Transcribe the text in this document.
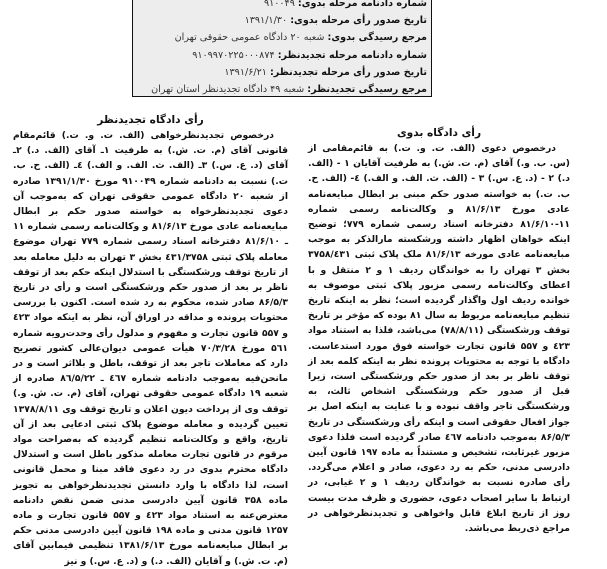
شماره دادنامه مرحله بدوی: ۹۱۰۰۴۹
تاریخ صدور رأی مرحله بدوی: ۱۳۹۱/۱/۳۰
مرجع رسیدگی بدوی: شعبه ۲۰ دادگاه عمومی حقوقی تهران
شماره دادنامه مرحله تجدیدنظر: ۹۱۰۹۹۷۰۲۲۵۰۰۰۸۷۴
تاریخ صدور رأی مرحله تجدیدنظر: ۱۳۹۱/۶/۲۱
مرجع رسیدگی تجدیدنظر: شعبه ۴۹ دادگاه تجدیدنظر استان تهران
رأی دادگاه بدوی

درخصوص دعوی (الف. ت. و. ت.) به قائم‌مقامی از (س. ب. و.) آقای (م. ت. ش.) به طرفیت آقایان ۱ - (الف. د.) ۲ - (د. ع. س.) ۳ - (الف. ث. الف. و الف.) ٤- (الف. ح. ب. ت.) به خواسته صدور حکم مبنی بر ابطال مبایعه‌نامه عادی مورخ ۸۱/۶/۱۳ و وکالت‌نامه رسمی شماره ۱۱-۸۱/۶/۱۰ دفترخانه اسناد رسمی شماره ۷۷۹؛ توضیح اینکه خواهان اظهار داشته ورشکسته مارالذکر به موجب مبایعه‌نامه عادی مورخه ۸۱/۶/۱۳ ملک پلاک ثبتی ۳۷۵۸/٤۳۱ بخش ۳ تهران را به خواندگان ردیف ۱ و ۲ منتقل و با اعطای وکالت‌نامه رسمی مزبور پلاک ثبتی موصوف به خوانده ردیف اول واگذار گردیده است؛ نظر به اینکه تاریخ تنظیم مبایعه‌نامه مربوط به سال ۸۱ بوده که مؤخر بر تاریخ توقف ورشکستگی (۷۸/۸/۱۱) می‌باشد، فلذا به استناد مواد ٤۲۳ و ۵۵۷ قانون تجارت خواسته فوق مورد استدعاست. دادگاه با توجه به محتویات پرونده نظر به اینکه کلمه بعد از توقف ناظر بر بعد از صدور حکم ورشکستگی است، زیرا قبل از صدور حکم ورشکستگی اشخاص ثالث، به ورشکستگی تاجر واقف نبوده و با عنایت به اینکه اصل بر جواز افعال حقوقی است و اینکه رأی ورشکستگی در تاریخ ۸۶/۵/۳ به‌موجب دادنامه ٤٦۷ صادر گردیده است فلذا دعوی مزبور غیرثابت، تشخیص و مستنداً به ماده ۱۹۷ قانون آیین دادرسی مدنی، حکم به رد دعوی، صادر و اعلام می‌گردد. رأی صادره نسبت به خواندگان ردیف ۱ و ۲ غیابی، در ارتباط با سایر اصحاب دعوی، حضوری و ظرف مدت بیست روز از تاریخ ابلاغ قابل واخواهی و تجدیدنظرخواهی در مراجع ذی‌ربط می‌باشد.

رأی دادگاه تجدیدنظر

درخصوص تجدیدنظرخواهی (الف. ت. و. ت.) قائم‌مقام قانونی آقای (م. ت. ش.) به طرفیت ۱ـ آقای (الف. د.) ۲ـ آقای (د. ع. س.) ۳ـ (الف. ث. الف. و الف.) ٤ـ (الف. ح. ب. ت.) نسبت به دادنامه شماره ۹۱۰۰۴۹ مورخ ۱۳۹۱/۱/۳۰ صادره از شعبه ۲۰ دادگاه عمومی حقوقی تهران که به‌موجب آن دعوی تجدیدنظرخواه به خواسته صدور حکم بر ابطال مبایعه‌نامه عادی مورخ ۸۱/۶/۱۳ و وکالت‌نامه رسمی شماره ۱۱ ـ ۸۱/۶/۱۰ دفترخانه اسناد رسمی شماره ۷۷۹ تهران موضوع معامله پلاک ثبتی ٤۳۱/۳۷۵۸ بخش ۳ تهران به دلیل معامله بعد از تاریخ توقف ورشکستگی با استدلال اینکه حکم بعد از توقف ناظر بر بعد از صدور حکم ورشکستگی است و رأی در تاریخ ۸۶/۵/۳ صادر شده، محکوم به رد شده است. اکنون با بررسی محتویات پرونده و مداقه در اوراق آن، نظر به اینکه مواد ٤۲۳ و ۵۵۷ قانون تجارت و مفهوم و مدلول رأی وحدت‌رویه شماره ۵٦۱ مورخ ۷۰/۳/۲۸ هیأت عمومی دیوان‌عالی کشور تصریح دارد که معاملات تاجر بعد از توقف، باطل و بلااثر است و در ما‌نحن‌فیه به‌موجب دادنامه شماره ٤٦۷ ـ ۸٦/۵/۲۲ صادره از شعبه ۱۹ دادگاه عمومی حقوقی تهران، آقای (م. ت. ش. و.) توقف وی از پرداخت دیون اعلان و تاریخ توقف وی ۱۳۷۸/۸/۱۱ تعیین گردیده و معامله موضوع پلاک ثبتی ادعایی بعد از آن تاریخ، واقع و وکالت‌نامه تنظیم گردیده که به‌صراحت مواد مرقوم در قانون تجارت معامله مذکور باطل است و استدلال دادگاه محترم بدوی در رد دعوی فاقد مبنا و محمل قانونی است، لذا دادگاه با وارد دانستن تجدیدنظرخواهی به تجویز ماده ۳۵۸ قانون آیین دادرسی مدنی ضمن نقض دادنامه معترض‌عنه به استناد مواد ٤۲۳ و ۵۵۷ قانون تجارت و ماده ۱۲۵۷ قانون مدنی و ماده ۱۹۸ قانون آیین دادرسی مدنی حکم بر ابطال مبایعه‌نامه مورخ ۱۳۸۱/۶/۱۳ تنظیمی فیمابین آقای (م. ت. ش.) و آقایان (الف. د.) و (د. ع. س.) و نیز
